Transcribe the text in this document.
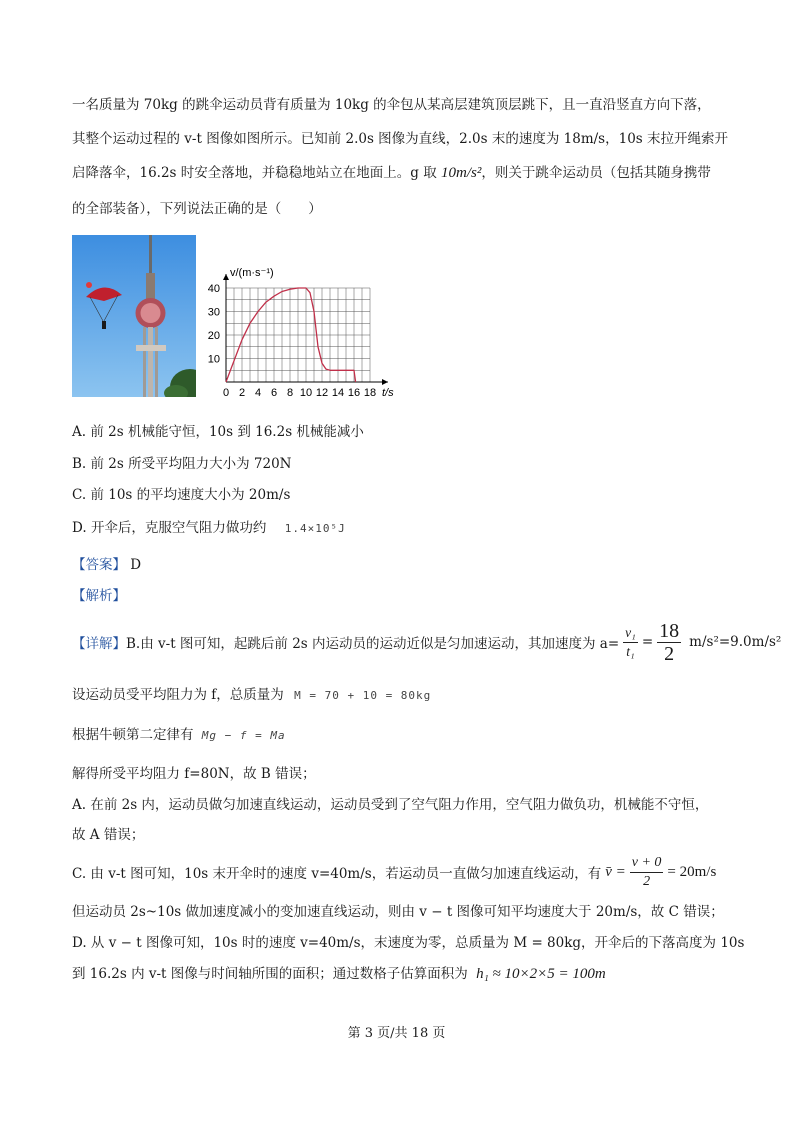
一名质量为 70kg 的跳伞运动员背有质量为 10kg 的伞包从某高层建筑顶层跳下，且一直沿竖直方向下落，
其整个运动过程的 v-t 图像如图所示。已知前 2.0s 图像为直线，2.0s 末的速度为 18m/s，10s 末拉开绳索开
启降落伞，16.2s 时安全落地，并稳稳地站立在地面上。g 取 10m/s²，则关于跳伞运动员（包括其随身携带
的全部装备），下列说法正确的是（　　）
0 2 4 6 8 10 12 14 16 18
10
20
30
40
t/s
v/(m·s⁻¹)
A. 前 2s 机械能守恒，10s 到 16.2s 机械能减小
B. 前 2s 所受平均阻力大小为 720N
C. 前 10s 的平均速度大小为 20m/s
D. 开伞后，克服空气阻力做功约 1.4×10⁵J
【答案】 D
【解析】
【详解】 B.由 v-t 图可知，起跳后前 2s 内运动员的运动近似是匀加速运动，其加速度为 $a= \frac{\text{v₁}}{\text{t₁}} = \frac{18}{2} m/s^2=9.0m/s^2$
设运动员受平均阻力为 f，总质量为 M = 70 + 10 = 80kg
根据牛顿第二定律有 Mg − f = Ma
解得所受平均阻力 f=80N，故 B 错误；
A. 在前 2s 内，运动员做匀加速直线运动，运动员受到了空气阻力作用，空气阻力做负功，机械能不守恒，
故 A 错误；
C. 由 v-t 图可知，10s 末开伞时的速度 v=40m/s，若运动员一直做匀加速直线运动，有 v̄ = $\frac{v + 0}{2} = 20m/s$
但运动员 2s~10s 做加速度减小的变加速直线运动，则由 v − t 图像可知平均速度大于 20m/s，故 C 错误；
D. 从 v − t 图像可知，10s 时的速度 v=40m/s，末速度为零，总质量为 M = 80kg，开伞后的下落高度为 10s
到 16.2s 内 v-t 图像与时间轴所围的面积；通过数格子估算面积为 h₁ ≈ 10×2×5 = 100m
第 3 页/共 18 页
